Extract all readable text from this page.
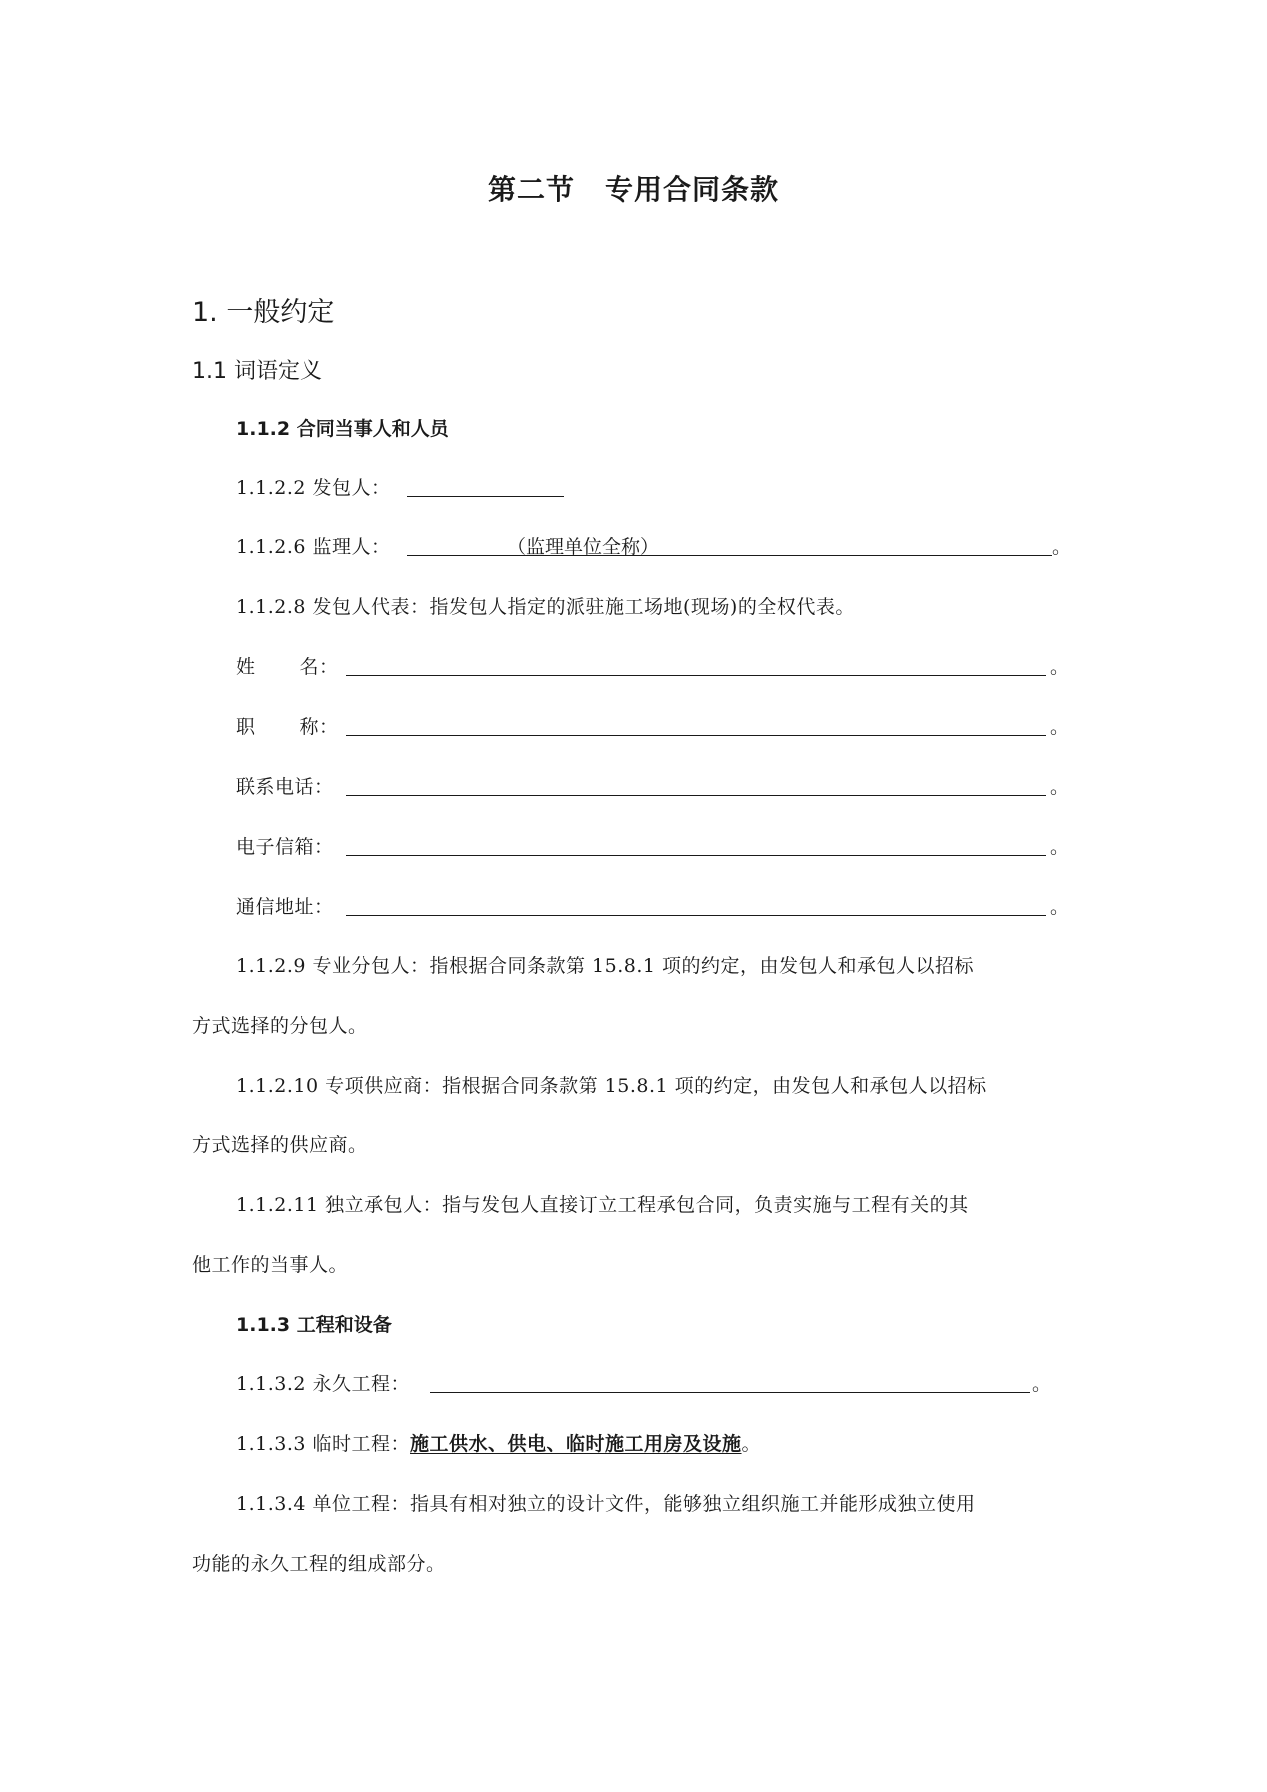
第二节 专用合同条款
1. 一般约定
1.1 词语定义
1.1.2 合同当事人和人员
1.1.2.2 发包人：
1.1.2.6 监理人：	（监理单位全称）	。
1.1.2.8 发包人代表：指发包人指定的派驻施工场地(现场)的全权代表。
姓 名：	。
职 称：	。
联系电话：	。
电子信箱：	。
通信地址：	。
1.1.2.9 专业分包人：指根据合同条款第 15.8.1 项的约定，由发包人和承包人以招标
方式选择的分包人。
1.1.2.10 专项供应商：指根据合同条款第 15.8.1 项的约定，由发包人和承包人以招标
方式选择的供应商。
1.1.2.11 独立承包人：指与发包人直接订立工程承包合同，负责实施与工程有关的其
他工作的当事人。
1.1.3 工程和设备
1.1.3.2 永久工程：	。
1.1.3.3 临时工程：施工供水、供电、临时施工用房及设施。
1.1.3.4 单位工程：指具有相对独立的设计文件，能够独立组织施工并能形成独立使用
功能的永久工程的组成部分。
